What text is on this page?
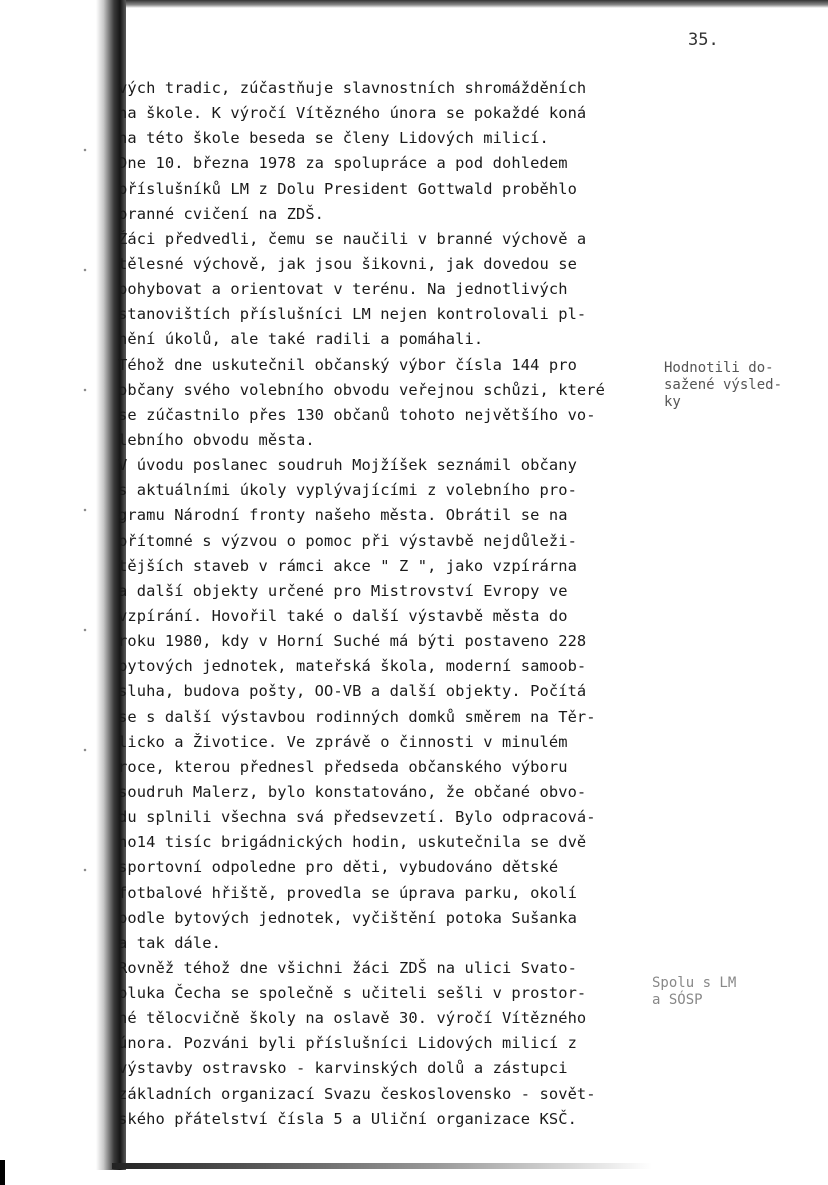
35.
vých tradic, zúčastňuje slavnostních shromážděních
na škole. K výročí Vítězného února se pokaždé koná
na této škole beseda se členy Lidových milicí.
Dne 10. března 1978 za spolupráce a pod dohledem
příslušníků LM z Dolu President Gottwald proběhlo
branné cvičení na ZDŠ.
Žáci předvedli, čemu se naučili v branné výchově a
tělesné výchově, jak jsou šikovni, jak dovedou se
pohybovat a orientovat v terénu. Na jednotlivých
stanovištích příslušníci LM nejen kontrolovali pl-
nění úkolů, ale také radili a pomáhali.
Téhož dne uskutečnil občanský výbor čísla 144 pro
občany svého volebního obvodu veřejnou schůzi, které
se zúčastnilo přes 130 občanů tohoto největšího vo-
lebního obvodu města.
V úvodu poslanec soudruh Mojžíšek seznámil občany
s aktuálními úkoly vyplývajícími z volebního pro-
gramu Národní fronty našeho města. Obrátil se na
přítomné s výzvou o pomoc při výstavbě nejdůleži-
tějších staveb v rámci akce " Z ", jako vzpírárna
a další objekty určené pro Mistrovství Evropy ve
vzpírání. Hovořil také o další výstavbě města do
roku 1980, kdy v Horní Suché má býti postaveno 228
bytových jednotek, mateřská škola, moderní samoob-
sluha, budova pošty, OO-VB a další objekty. Počítá
se s další výstavbou rodinných domků směrem na Těr-
licko a Životice. Ve zprávě o činnosti v minulém
roce, kterou přednesl předseda občanského výboru
soudruh Malerz, bylo konstatováno, že občané obvo-
du splnili všechna svá předsevzetí. Bylo odpracová-
no14 tisíc brigádnických hodin, uskutečnila se dvě
sportovní odpoledne pro děti, vybudováno dětské
fotbalové hřiště, provedla se úprava parku, okolí
podle bytových jednotek, vyčištění potoka Sušanka
a tak dále.
Rovněž téhož dne všichni žáci ZDŠ na ulici Svato-
pluka Čecha se společně s učiteli sešli v prostor-
né tělocvičně školy na oslavě 30. výročí Vítězného
února. Pozváni byli příslušníci Lidových milicí z
výstavby ostravsko - karvinských dolů a zástupci
základních organizací Svazu československo - sovět-
ského přátelství čísla 5 a Uliční organizace KSČ.
Hodnotili do-
sažené výsled-
ky
Spolu s LM
a SÓSP
